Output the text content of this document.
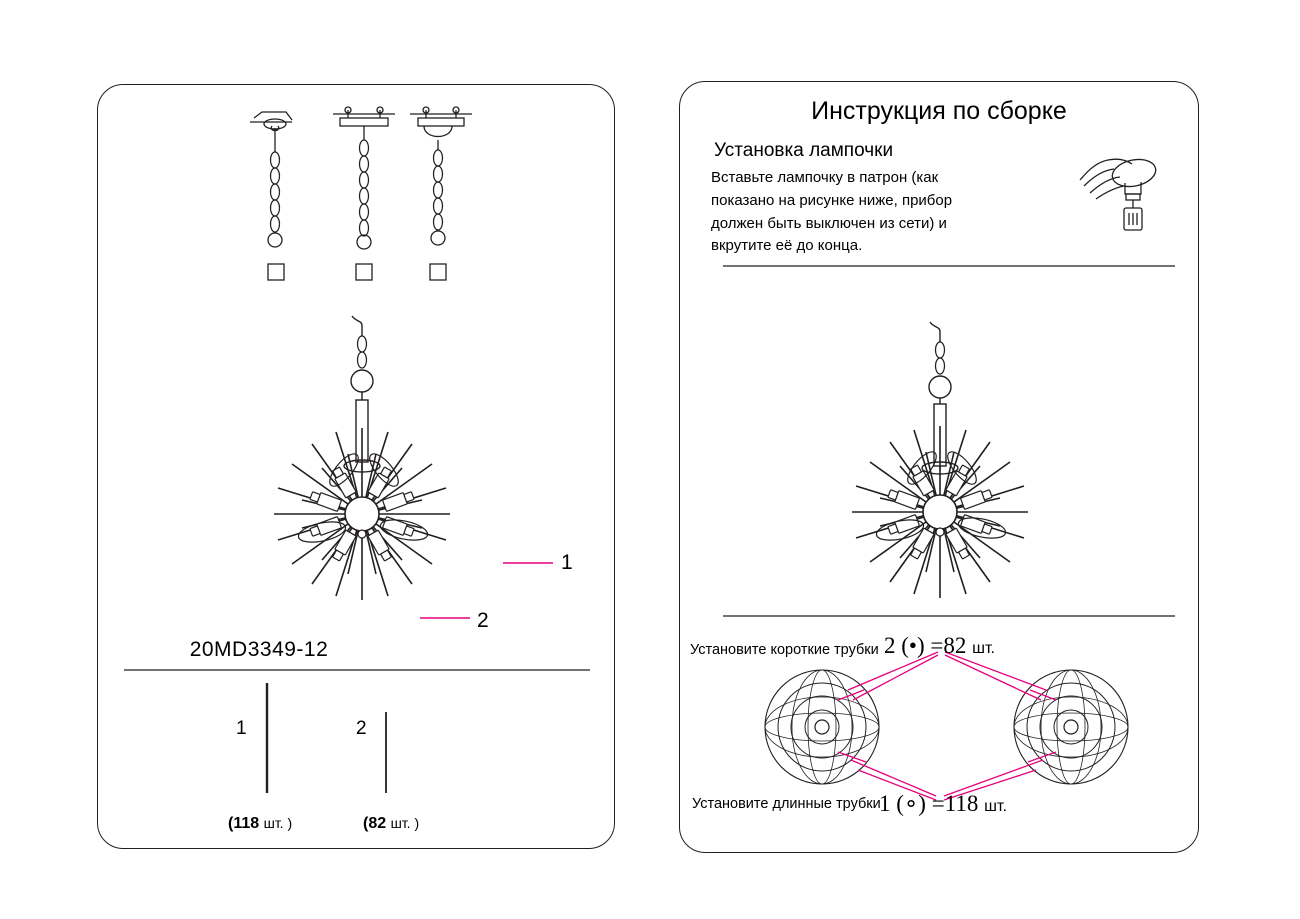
20MD3349-12
1
2
1	2
(118 шт. )	(82 шт. )
Инструкция по сборке
Установка лампочки
Вставьте лампочку в патрон (как показано на рисунке ниже, прибор должен быть выключен из сети) и вкрутите её до конца.
Установите короткие трубки 2 (•) =82 шт.
Установите длинные трубки
1 (∘) =118 шт.
